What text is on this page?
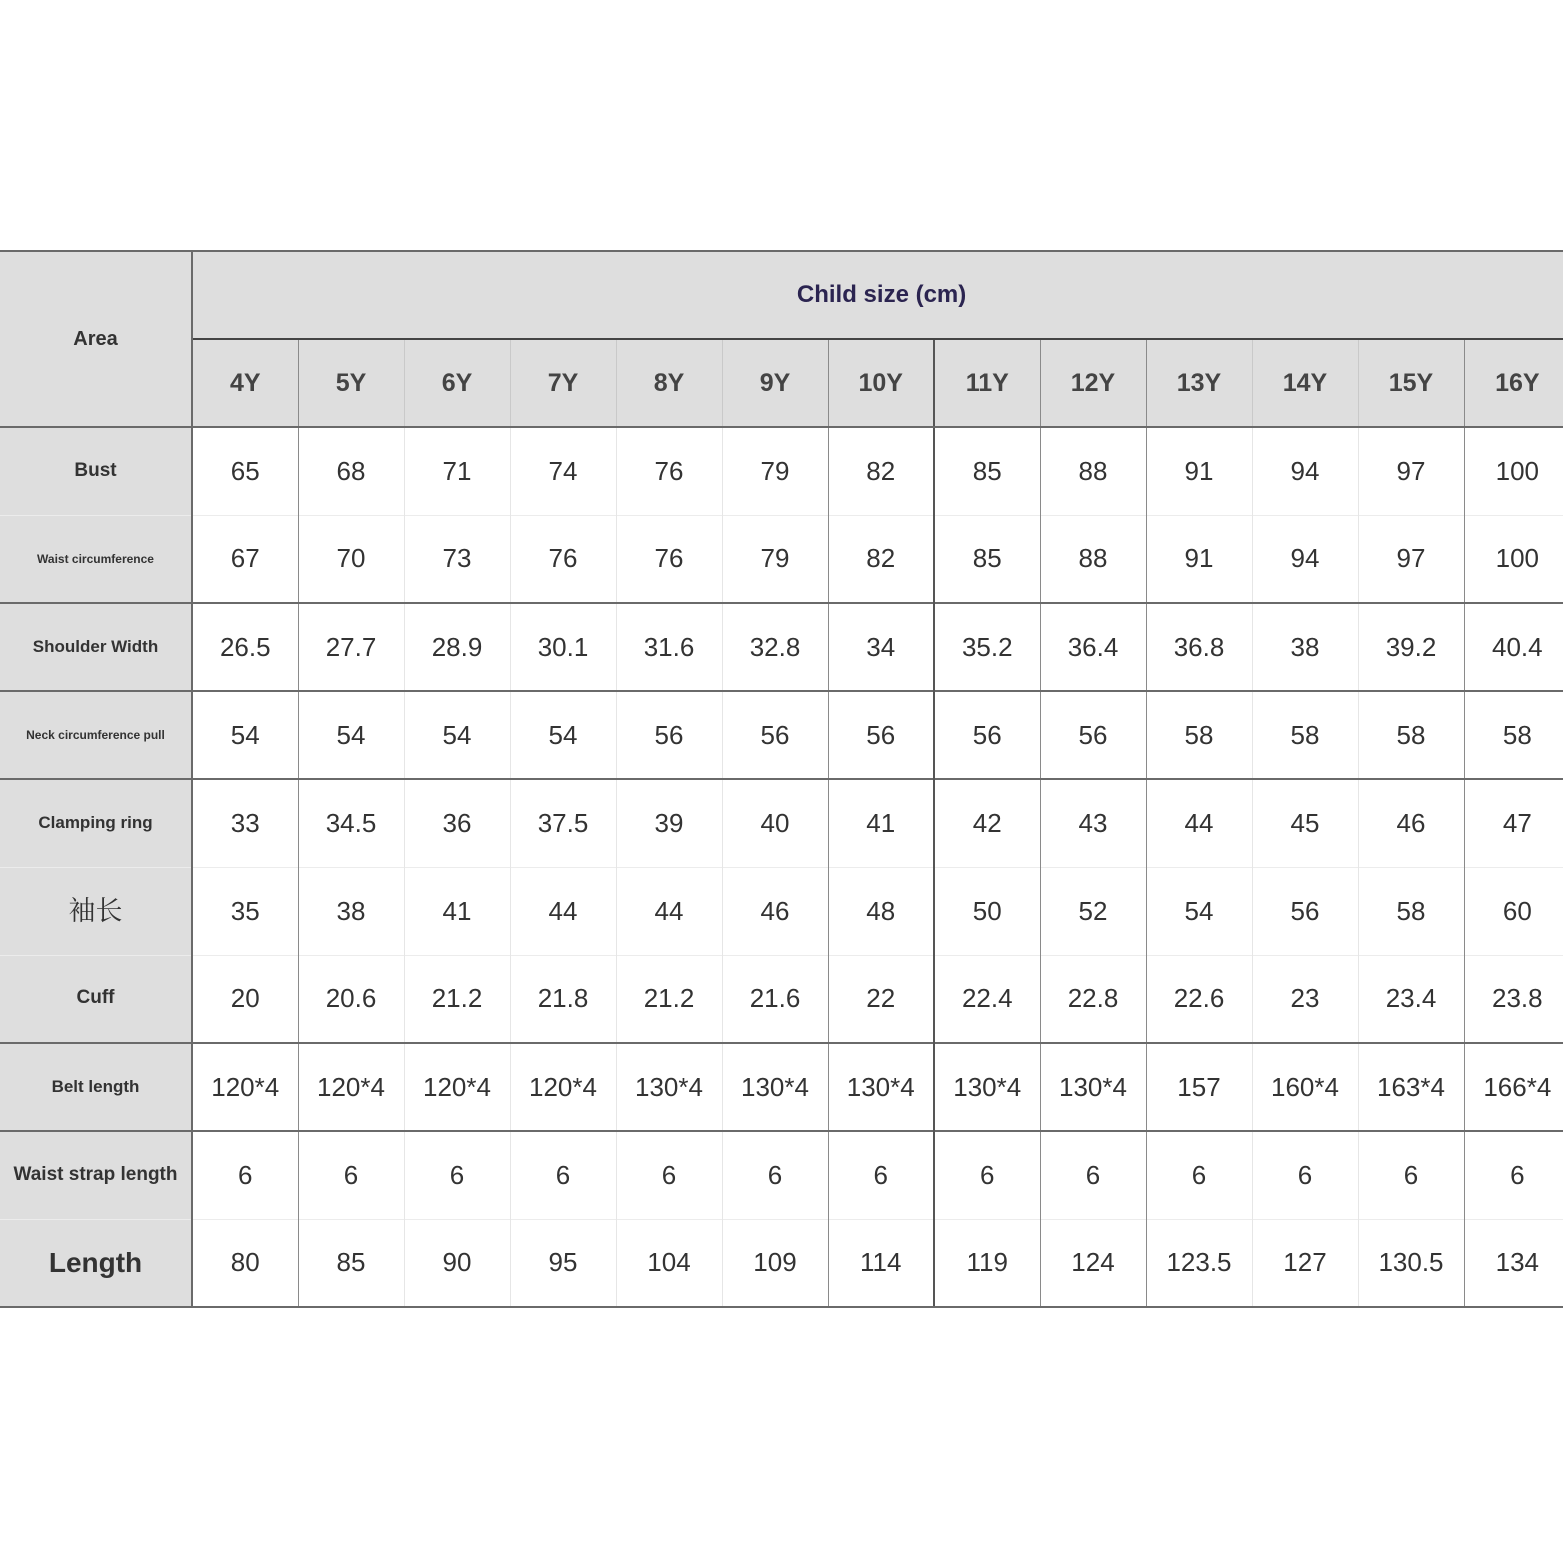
Area	Child size (cm)												
	4Y	5Y	6Y	7Y	8Y	9Y	10Y	11Y	12Y	13Y	14Y	15Y	16Y
Bust	65	68	71	74	76	79	82	85	88	91	94	97	100
Waist circumference	67	70	73	76	76	79	82	85	88	91	94	97	100
Shoulder Width	26.5	27.7	28.9	30.1	31.6	32.8	34	35.2	36.4	36.8	38	39.2	40.4
Neck circumference pull	54	54	54	54	56	56	56	56	56	58	58	58	58
Clamping ring	33	34.5	36	37.5	39	40	41	42	43	44	45	46	47
袖长	35	38	41	44	44	46	48	50	52	54	56	58	60
Cuff	20	20.6	21.2	21.8	21.2	21.6	22	22.4	22.8	22.6	23	23.4	23.8
Belt length	120*4	120*4	120*4	120*4	130*4	130*4	130*4	130*4	130*4	157	160*4	163*4	166*4
Waist strap length	6	6	6	6	6	6	6	6	6	6	6	6	6
Length	80	85	90	95	104	109	114	119	124	123.5	127	130.5	134
